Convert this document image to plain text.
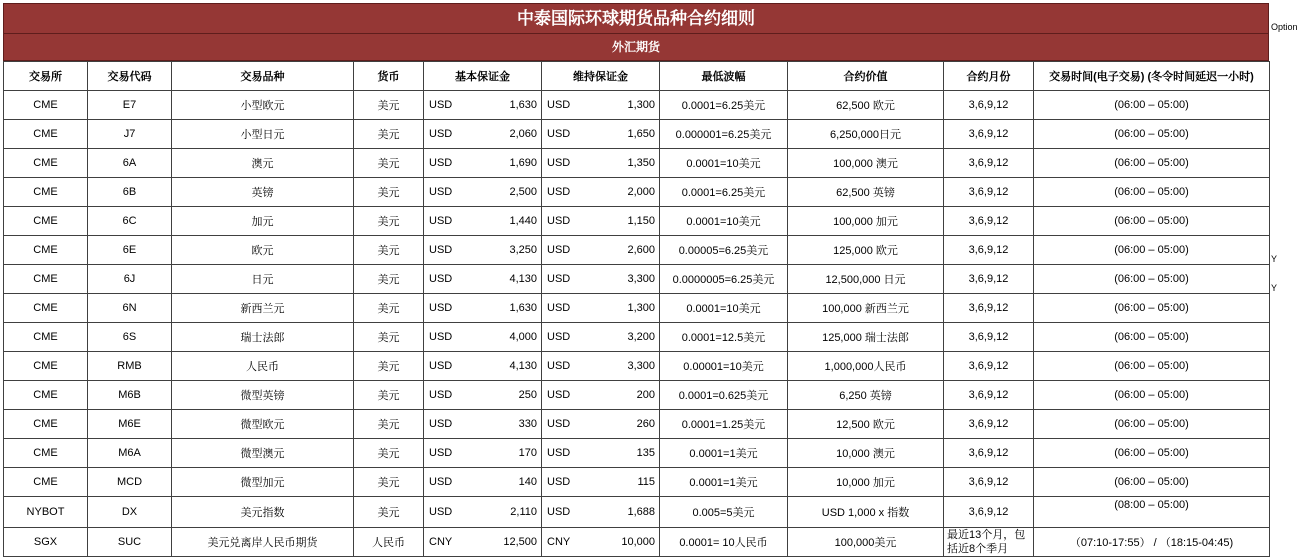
中泰国际环球期货品种合约细则
外汇期货
交易所	交易代码	交易品种	货币	基本保证金	维持保证金	最低波幅	合约价值	合约月份	交易时间(电子交易) (冬令时间延迟一小时)
CME	E7	小型欧元	美元	USD 1,630	USD 1,300	0.0001=6.25美元	62,500 欧元	3,6,9,12	(06:00 – 05:00)
CME	J7	小型日元	美元	USD 2,060	USD 1,650	0.000001=6.25美元	6,250,000日元	3,6,9,12	(06:00 – 05:00)
CME	6A	澳元	美元	USD 1,690	USD 1,350	0.0001=10美元	100,000 澳元	3,6,9,12	(06:00 – 05:00)
CME	6B	英镑	美元	USD 2,500	USD 2,000	0.0001=6.25美元	62,500 英镑	3,6,9,12	(06:00 – 05:00)
CME	6C	加元	美元	USD 1,440	USD 1,150	0.0001=10美元	100,000 加元	3,6,9,12	(06:00 – 05:00)
CME	6E	欧元	美元	USD 3,250	USD 2,600	0.00005=6.25美元	125,000 欧元	3,6,9,12	(06:00 – 05:00)
CME	6J	日元	美元	USD 4,130	USD 3,300	0.0000005=6.25美元	12,500,000 日元	3,6,9,12	(06:00 – 05:00)
CME	6N	新西兰元	美元	USD 1,630	USD 1,300	0.0001=10美元	100,000 新西兰元	3,6,9,12	(06:00 – 05:00)
CME	6S	瑞士法郎	美元	USD 4,000	USD 3,200	0.0001=12.5美元	125,000 瑞士法郎	3,6,9,12	(06:00 – 05:00)
CME	RMB	人民币	美元	USD 4,130	USD 3,300	0.00001=10美元	1,000,000人民币	3,6,9,12	(06:00 – 05:00)
CME	M6B	微型英镑	美元	USD 250	USD 200	0.0001=0.625美元	6,250 英镑	3,6,9,12	(06:00 – 05:00)
CME	M6E	微型欧元	美元	USD 330	USD 260	0.0001=1.25美元	12,500 欧元	3,6,9,12	(06:00 – 05:00)
CME	M6A	微型澳元	美元	USD 170	USD 135	0.0001=1美元	10,000 澳元	3,6,9,12	(06:00 – 05:00)
CME	MCD	微型加元	美元	USD 140	USD 115	0.0001=1美元	10,000 加元	3,6,9,12	(06:00 – 05:00)
NYBOT	DX	美元指数	美元	USD 2,110	USD 1,688	0.005=5美元	USD 1,000 x 指数	3,6,9,12	(08:00 – 05:00)
SGX	SUC	美元兑离岸人民币期货	人民币	CNY 12,500	CNY 10,000	0.0001= 10人民币	100,000美元	最近13个月，包括近8个季月	（07:10-17:55） / （18:15-04:45)
Option
Y
Y
